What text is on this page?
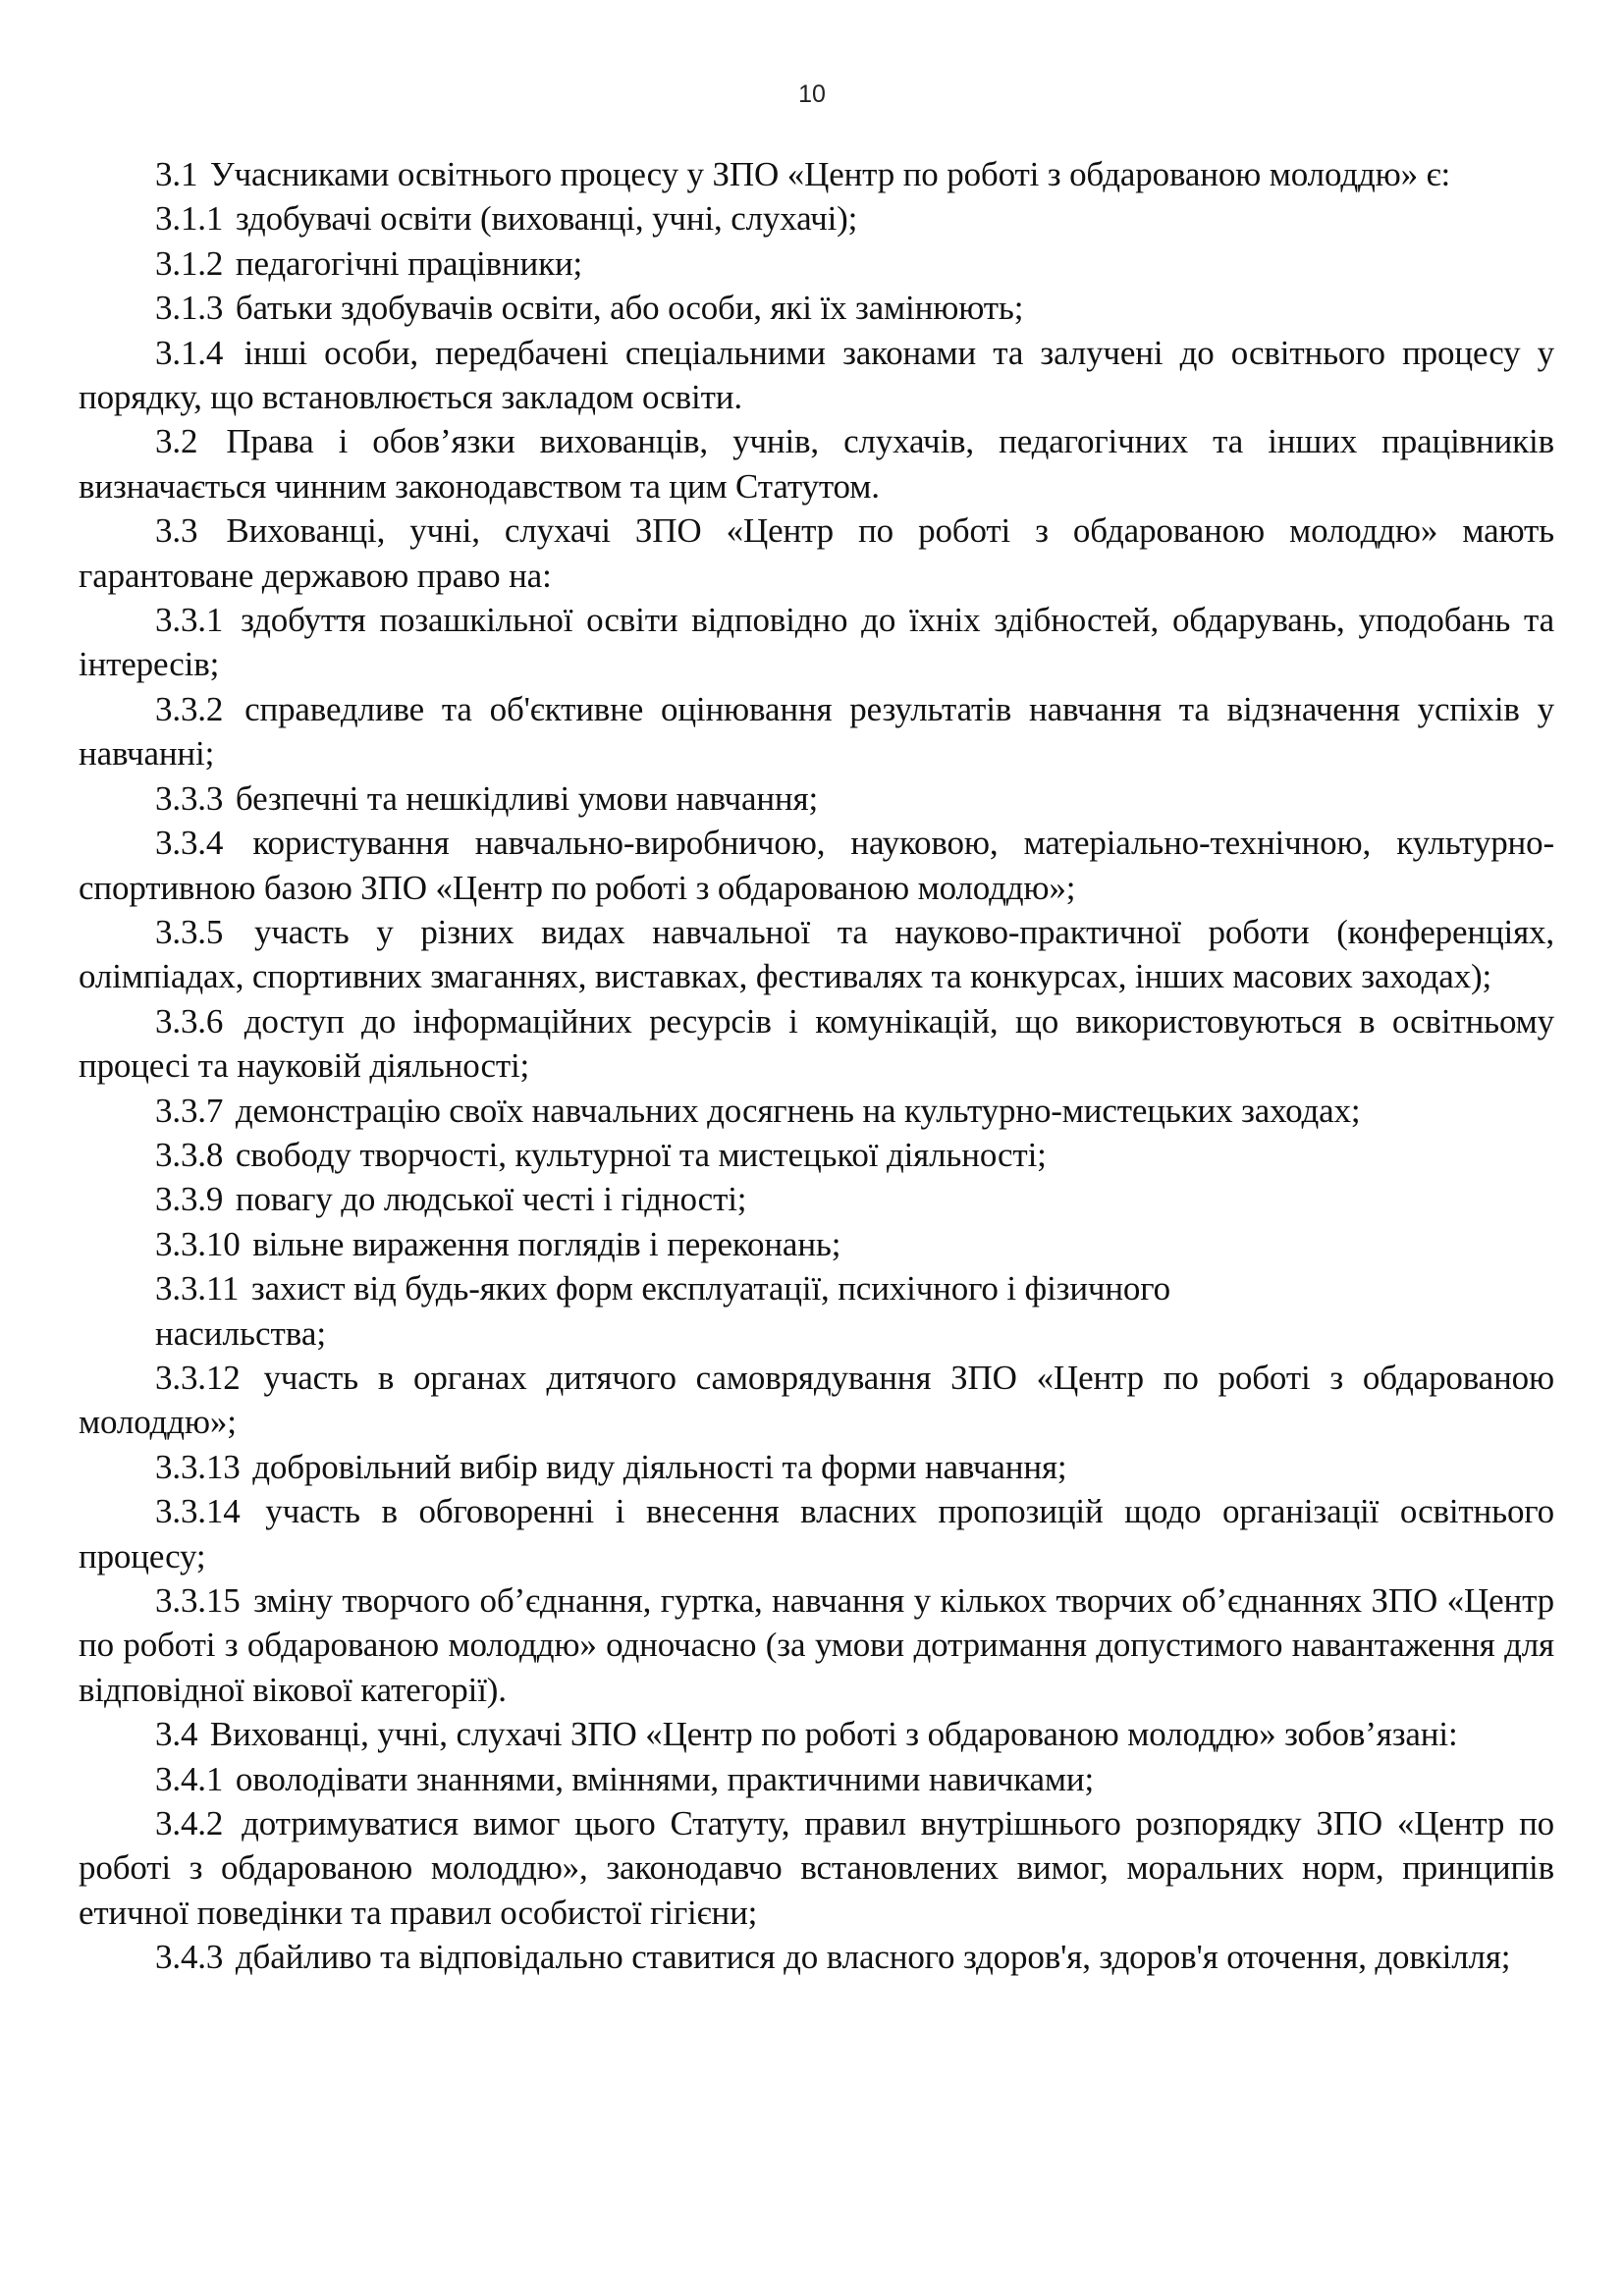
10

3.1 Учасниками освітнього процесу у ЗПО «Центр по роботі з обдарованою молоддю» є:

3.1.1 здобувачі освіти (вихованці, учні, слухачі);

3.1.2 педагогічні працівники;

3.1.3 батьки здобувачів освіти, або особи, які їх замінюють;

3.1.4 інші особи, передбачені спеціальними законами та залучені до освітнього процесу у порядку, що встановлюється закладом освіти.

3.2 Права і обов’язки вихованців, учнів, слухачів, педагогічних та інших працівників визначається чинним законодавством та цим Статутом.

3.3 Вихованці, учні, слухачі ЗПО «Центр по роботі з обдарованою молоддю» мають гарантоване державою право на:

3.3.1 здобуття позашкільної освіти відповідно до їхніх здібностей, обдарувань, уподобань та інтересів;

3.3.2 справедливе та об'єктивне оцінювання результатів навчання та відзначення успіхів у навчанні;

3.3.3 безпечні та нешкідливі умови навчання;

3.3.4 користування навчально-виробничою, науковою, матеріально-технічною, культурно-спортивною базою ЗПО «Центр по роботі з обдарованою молоддю»;

3.3.5 участь у різних видах навчальної та науково-практичної роботи (конференціях, олімпіадах, спортивних змаганнях, виставках, фестивалях та конкурсах, інших масових заходах);

3.3.6 доступ до інформаційних ресурсів і комунікацій, що використовуються в освітньому процесі та науковій діяльності;

3.3.7 демонстрацію своїх навчальних досягнень на культурно-мистецьких заходах;

3.3.8 свободу творчості, культурної та мистецької діяльності;

3.3.9 повагу до людської честі і гідності;

3.3.10 вільне вираження поглядів і переконань;

3.3.11 захист від будь-яких форм експлуатації, психічного і фізичного

насильства;

3.3.12 участь в органах дитячого самоврядування ЗПО «Центр по роботі з обдарованою молоддю»;

3.3.13 добровільний вибір виду діяльності та форми навчання;

3.3.14 участь в обговоренні і внесення власних пропозицій щодо організації освітнього процесу;

3.3.15 зміну творчого об’єднання, гуртка, навчання у кількох творчих об’єднаннях ЗПО «Центр по роботі з обдарованою молоддю» одночасно (за умови дотримання допустимого навантаження для відповідної вікової категорії).

3.4 Вихованці, учні, слухачі ЗПО «Центр по роботі з обдарованою молоддю» зобов’язані:

3.4.1 оволодівати знаннями, вміннями, практичними навичками;

3.4.2 дотримуватися вимог цього Статуту, правил внутрішнього розпорядку ЗПО «Центр по роботі з обдарованою молоддю», законодавчо встановлених вимог, моральних норм, принципів етичної поведінки та правил особистої гігієни;

3.4.3 дбайливо та відповідально ставитися до власного здоров'я, здоров'я оточення, довкілля;
